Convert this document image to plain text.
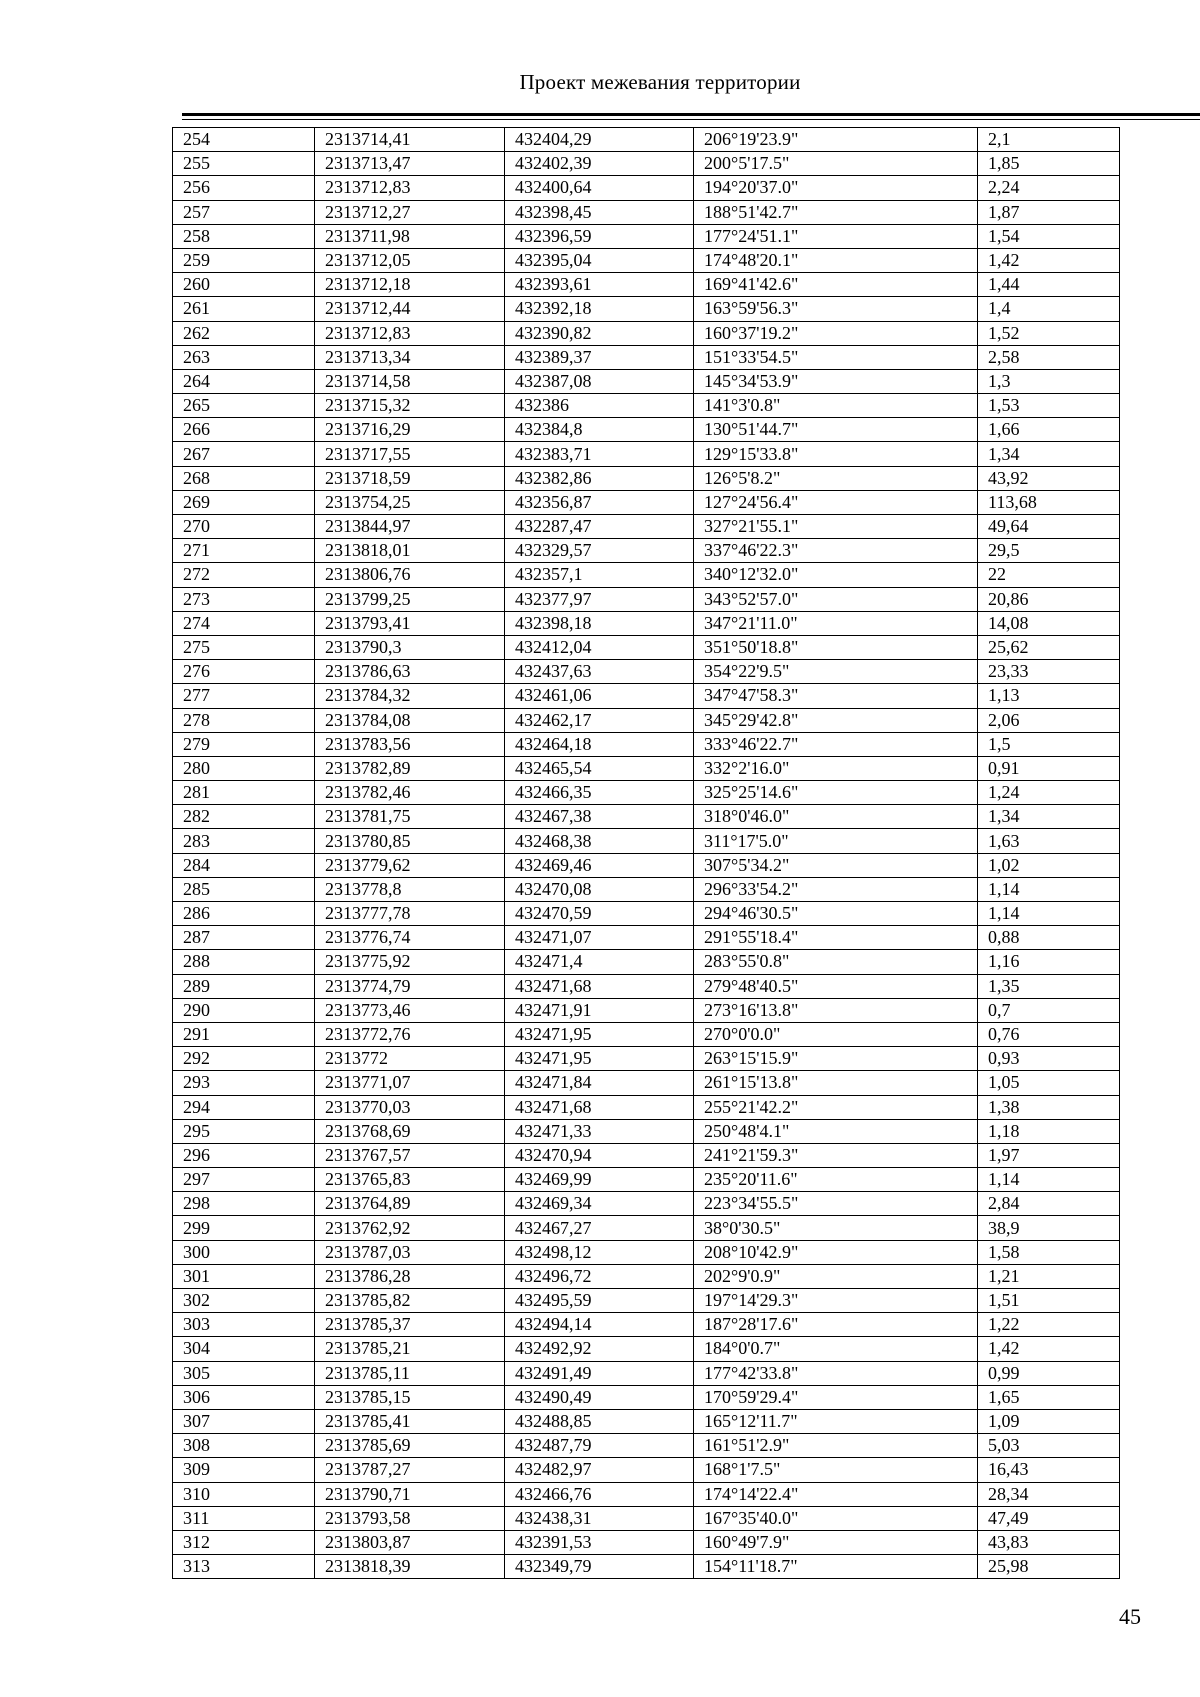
Проект межевания территории
254	2313714,41	432404,29	206°19'23.9"	2,1
255	2313713,47	432402,39	200°5'17.5"	1,85
256	2313712,83	432400,64	194°20'37.0"	2,24
257	2313712,27	432398,45	188°51'42.7"	1,87
258	2313711,98	432396,59	177°24'51.1"	1,54
259	2313712,05	432395,04	174°48'20.1"	1,42
260	2313712,18	432393,61	169°41'42.6"	1,44
261	2313712,44	432392,18	163°59'56.3"	1,4
262	2313712,83	432390,82	160°37'19.2"	1,52
263	2313713,34	432389,37	151°33'54.5"	2,58
264	2313714,58	432387,08	145°34'53.9"	1,3
265	2313715,32	432386	141°3'0.8"	1,53
266	2313716,29	432384,8	130°51'44.7"	1,66
267	2313717,55	432383,71	129°15'33.8"	1,34
268	2313718,59	432382,86	126°5'8.2"	43,92
269	2313754,25	432356,87	127°24'56.4"	113,68
270	2313844,97	432287,47	327°21'55.1"	49,64
271	2313818,01	432329,57	337°46'22.3"	29,5
272	2313806,76	432357,1	340°12'32.0"	22
273	2313799,25	432377,97	343°52'57.0"	20,86
274	2313793,41	432398,18	347°21'11.0"	14,08
275	2313790,3	432412,04	351°50'18.8"	25,62
276	2313786,63	432437,63	354°22'9.5"	23,33
277	2313784,32	432461,06	347°47'58.3"	1,13
278	2313784,08	432462,17	345°29'42.8"	2,06
279	2313783,56	432464,18	333°46'22.7"	1,5
280	2313782,89	432465,54	332°2'16.0"	0,91
281	2313782,46	432466,35	325°25'14.6"	1,24
282	2313781,75	432467,38	318°0'46.0"	1,34
283	2313780,85	432468,38	311°17'5.0"	1,63
284	2313779,62	432469,46	307°5'34.2"	1,02
285	2313778,8	432470,08	296°33'54.2"	1,14
286	2313777,78	432470,59	294°46'30.5"	1,14
287	2313776,74	432471,07	291°55'18.4"	0,88
288	2313775,92	432471,4	283°55'0.8"	1,16
289	2313774,79	432471,68	279°48'40.5"	1,35
290	2313773,46	432471,91	273°16'13.8"	0,7
291	2313772,76	432471,95	270°0'0.0"	0,76
292	2313772	432471,95	263°15'15.9"	0,93
293	2313771,07	432471,84	261°15'13.8"	1,05
294	2313770,03	432471,68	255°21'42.2"	1,38
295	2313768,69	432471,33	250°48'4.1"	1,18
296	2313767,57	432470,94	241°21'59.3"	1,97
297	2313765,83	432469,99	235°20'11.6"	1,14
298	2313764,89	432469,34	223°34'55.5"	2,84
299	2313762,92	432467,27	38°0'30.5"	38,9
300	2313787,03	432498,12	208°10'42.9"	1,58
301	2313786,28	432496,72	202°9'0.9"	1,21
302	2313785,82	432495,59	197°14'29.3"	1,51
303	2313785,37	432494,14	187°28'17.6"	1,22
304	2313785,21	432492,92	184°0'0.7"	1,42
305	2313785,11	432491,49	177°42'33.8"	0,99
306	2313785,15	432490,49	170°59'29.4"	1,65
307	2313785,41	432488,85	165°12'11.7"	1,09
308	2313785,69	432487,79	161°51'2.9"	5,03
309	2313787,27	432482,97	168°1'7.5"	16,43
310	2313790,71	432466,76	174°14'22.4"	28,34
311	2313793,58	432438,31	167°35'40.0"	47,49
312	2313803,87	432391,53	160°49'7.9"	43,83
313	2313818,39	432349,79	154°11'18.7"	25,98
45
